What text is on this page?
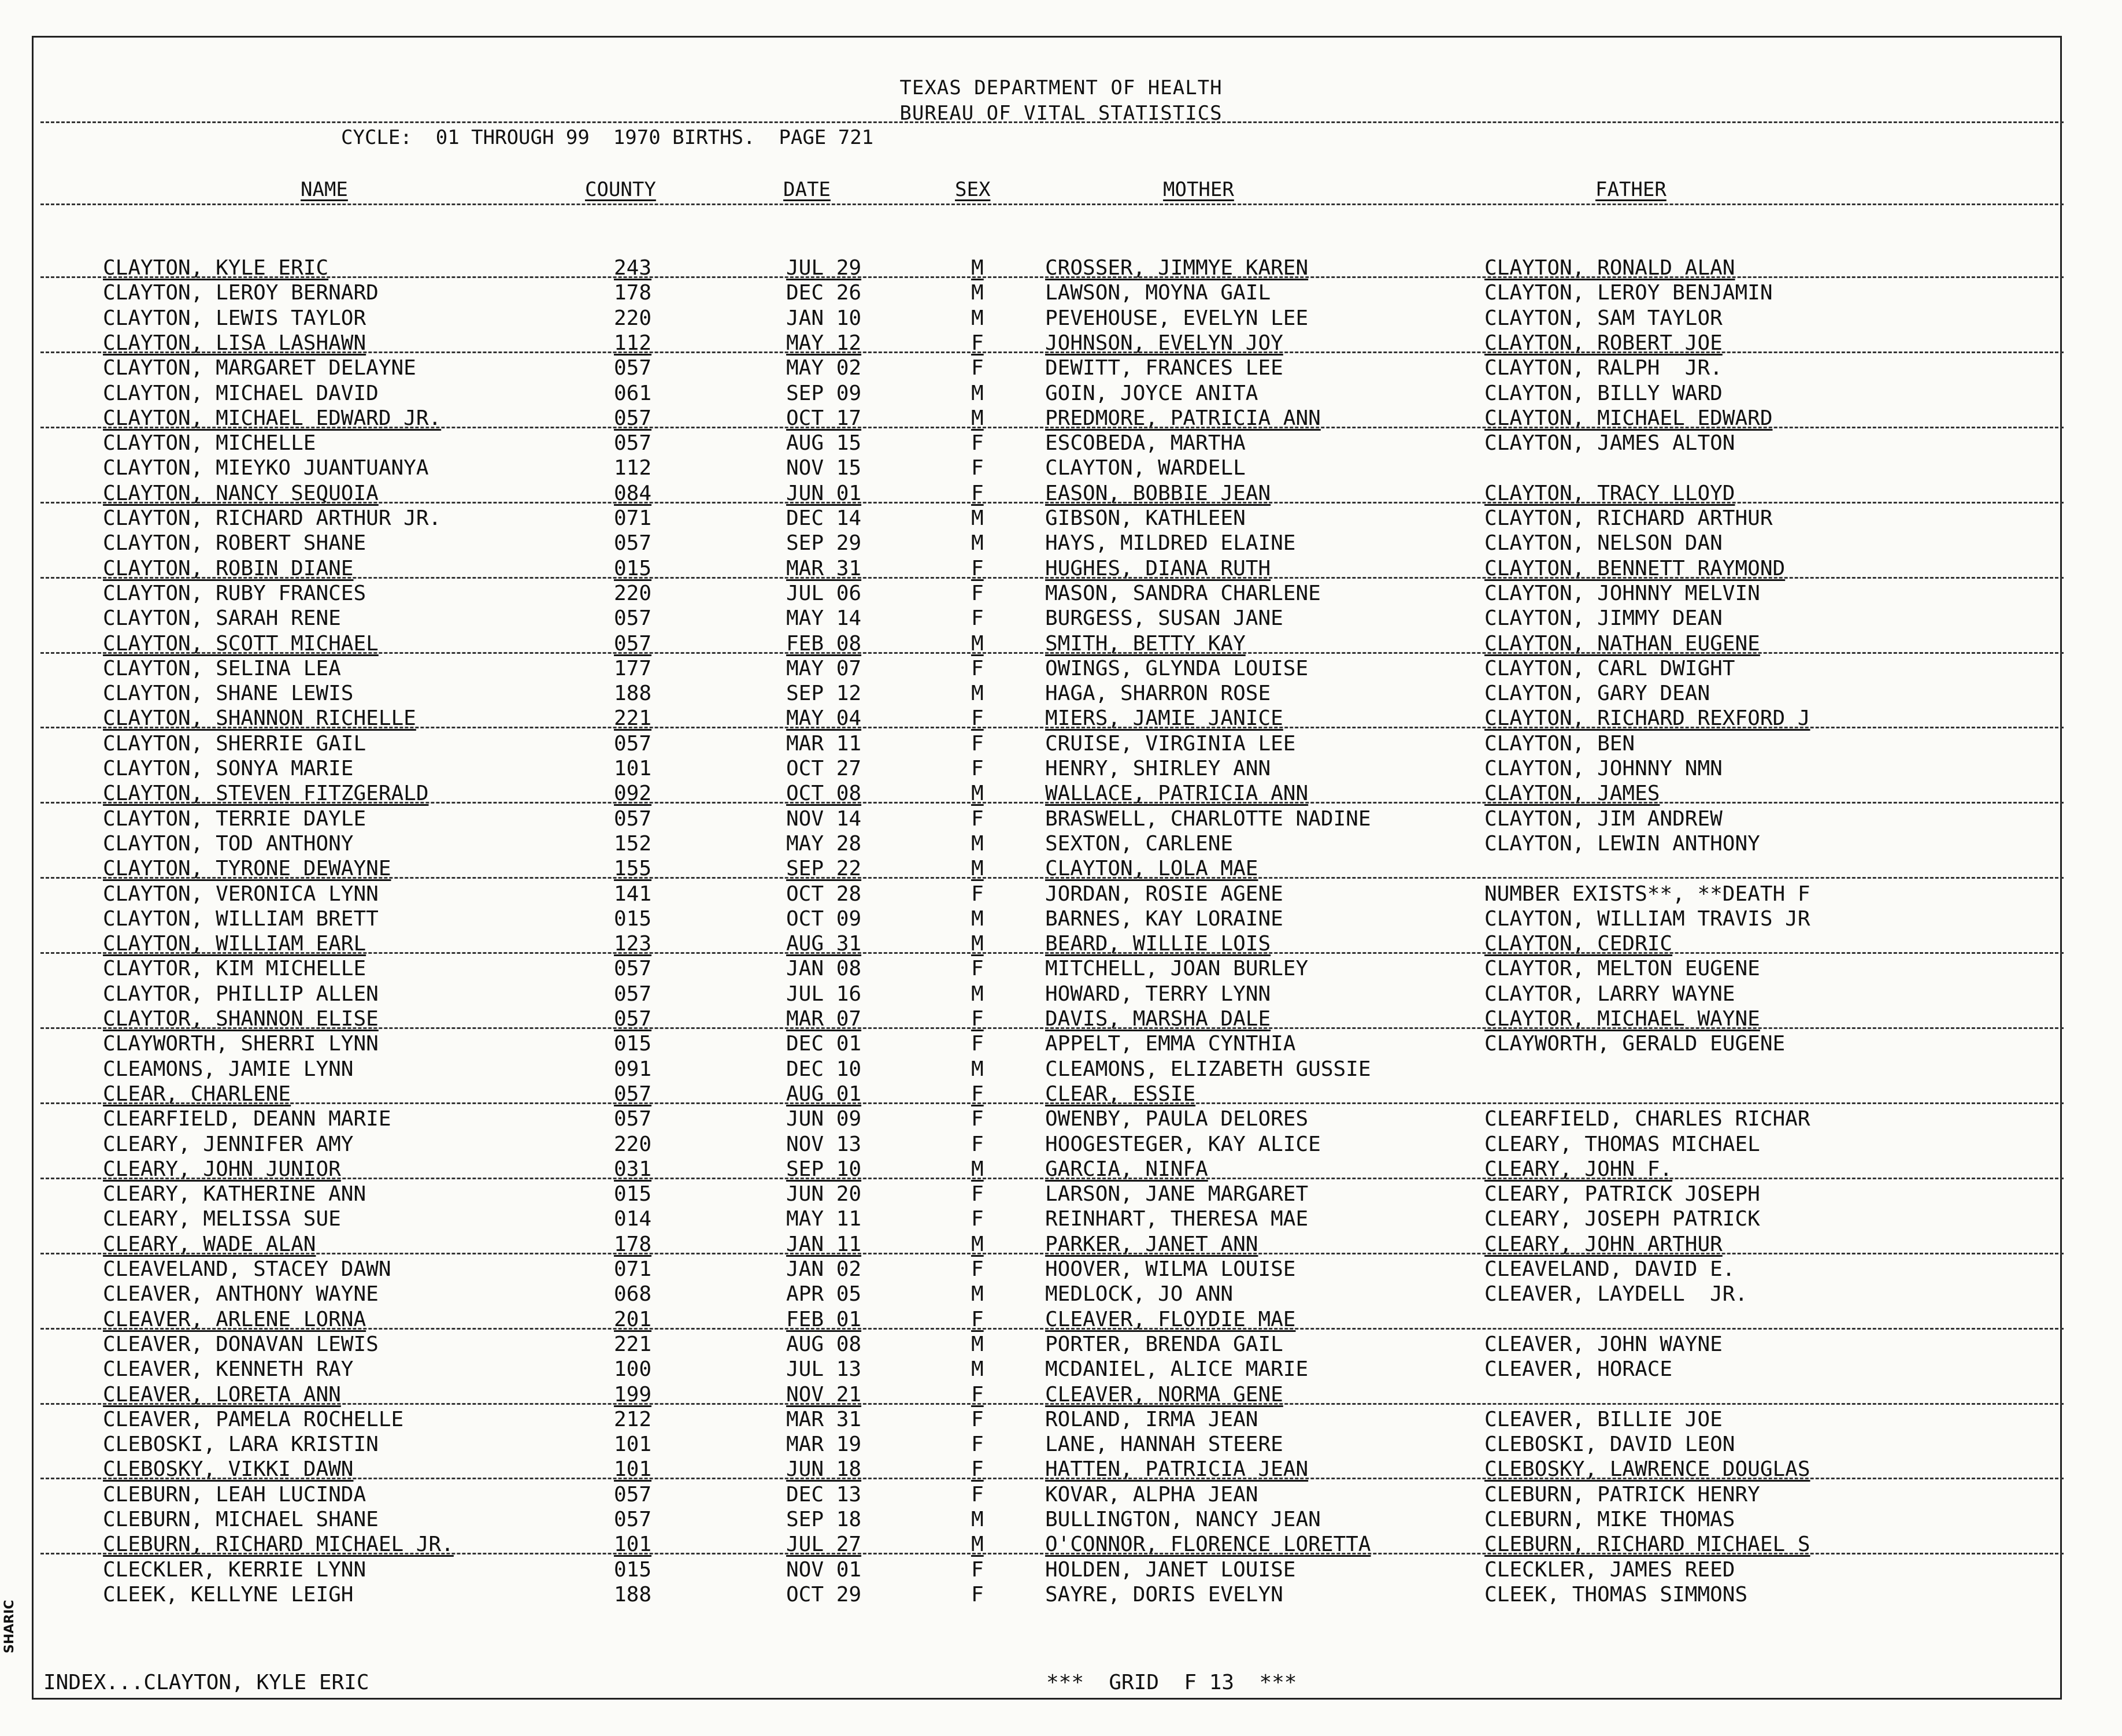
TEXAS DEPARTMENT OF HEALTH
BUREAU OF VITAL STATISTICS
CYCLE:  01 THROUGH 99  1970 BIRTHS.  PAGE 721
NAME	COUNTY	DATE	SEX	MOTHER	FATHER
CLAYTON, KYLE ERIC	243	JUL 29	M	CROSSER, JIMMYE KAREN	CLAYTON, RONALD ALAN
CLAYTON, LEROY BERNARD	178	DEC 26	M	LAWSON, MOYNA GAIL	CLAYTON, LEROY BENJAMIN
CLAYTON, LEWIS TAYLOR	220	JAN 10	M	PEVEHOUSE, EVELYN LEE	CLAYTON, SAM TAYLOR
CLAYTON, LISA LASHAWN	112	MAY 12	F	JOHNSON, EVELYN JOY	CLAYTON, ROBERT JOE
CLAYTON, MARGARET DELAYNE	057	MAY 02	F	DEWITT, FRANCES LEE	CLAYTON, RALPH  JR.
CLAYTON, MICHAEL DAVID	061	SEP 09	M	GOIN, JOYCE ANITA	CLAYTON, BILLY WARD
CLAYTON, MICHAEL EDWARD JR.	057	OCT 17	M	PREDMORE, PATRICIA ANN	CLAYTON, MICHAEL EDWARD
CLAYTON, MICHELLE	057	AUG 15	F	ESCOBEDA, MARTHA	CLAYTON, JAMES ALTON
CLAYTON, MIEYKO JUANTUANYA	112	NOV 15	F	CLAYTON, WARDELL
CLAYTON, NANCY SEQUOIA	084	JUN 01	F	EASON, BOBBIE JEAN	CLAYTON, TRACY LLOYD
CLAYTON, RICHARD ARTHUR JR.	071	DEC 14	M	GIBSON, KATHLEEN	CLAYTON, RICHARD ARTHUR
CLAYTON, ROBERT SHANE	057	SEP 29	M	HAYS, MILDRED ELAINE	CLAYTON, NELSON DAN
CLAYTON, ROBIN DIANE	015	MAR 31	F	HUGHES, DIANA RUTH	CLAYTON, BENNETT RAYMOND
CLAYTON, RUBY FRANCES	220	JUL 06	F	MASON, SANDRA CHARLENE	CLAYTON, JOHNNY MELVIN
CLAYTON, SARAH RENE	057	MAY 14	F	BURGESS, SUSAN JANE	CLAYTON, JIMMY DEAN
CLAYTON, SCOTT MICHAEL	057	FEB 08	M	SMITH, BETTY KAY	CLAYTON, NATHAN EUGENE
CLAYTON, SELINA LEA	177	MAY 07	F	OWINGS, GLYNDA LOUISE	CLAYTON, CARL DWIGHT
CLAYTON, SHANE LEWIS	188	SEP 12	M	HAGA, SHARRON ROSE	CLAYTON, GARY DEAN
CLAYTON, SHANNON RICHELLE	221	MAY 04	F	MIERS, JAMIE JANICE	CLAYTON, RICHARD REXFORD J
CLAYTON, SHERRIE GAIL	057	MAR 11	F	CRUISE, VIRGINIA LEE	CLAYTON, BEN
CLAYTON, SONYA MARIE	101	OCT 27	F	HENRY, SHIRLEY ANN	CLAYTON, JOHNNY NMN
CLAYTON, STEVEN FITZGERALD	092	OCT 08	M	WALLACE, PATRICIA ANN	CLAYTON, JAMES
CLAYTON, TERRIE DAYLE	057	NOV 14	F	BRASWELL, CHARLOTTE NADINE	CLAYTON, JIM ANDREW
CLAYTON, TOD ANTHONY	152	MAY 28	M	SEXTON, CARLENE	CLAYTON, LEWIN ANTHONY
CLAYTON, TYRONE DEWAYNE	155	SEP 22	M	CLAYTON, LOLA MAE
CLAYTON, VERONICA LYNN	141	OCT 28	F	JORDAN, ROSIE AGENE	NUMBER EXISTS**, **DEATH F
CLAYTON, WILLIAM BRETT	015	OCT 09	M	BARNES, KAY LORAINE	CLAYTON, WILLIAM TRAVIS JR
CLAYTON, WILLIAM EARL	123	AUG 31	M	BEARD, WILLIE LOIS	CLAYTON, CEDRIC
CLAYTOR, KIM MICHELLE	057	JAN 08	F	MITCHELL, JOAN BURLEY	CLAYTOR, MELTON EUGENE
CLAYTOR, PHILLIP ALLEN	057	JUL 16	M	HOWARD, TERRY LYNN	CLAYTOR, LARRY WAYNE
CLAYTOR, SHANNON ELISE	057	MAR 07	F	DAVIS, MARSHA DALE	CLAYTOR, MICHAEL WAYNE
CLAYWORTH, SHERRI LYNN	015	DEC 01	F	APPELT, EMMA CYNTHIA	CLAYWORTH, GERALD EUGENE
CLEAMONS, JAMIE LYNN	091	DEC 10	M	CLEAMONS, ELIZABETH GUSSIE
CLEAR, CHARLENE	057	AUG 01	F	CLEAR, ESSIE
CLEARFIELD, DEANN MARIE	057	JUN 09	F	OWENBY, PAULA DELORES	CLEARFIELD, CHARLES RICHAR
CLEARY, JENNIFER AMY	220	NOV 13	F	HOOGESTEGER, KAY ALICE	CLEARY, THOMAS MICHAEL
CLEARY, JOHN JUNIOR	031	SEP 10	M	GARCIA, NINFA	CLEARY, JOHN F.
CLEARY, KATHERINE ANN	015	JUN 20	F	LARSON, JANE MARGARET	CLEARY, PATRICK JOSEPH
CLEARY, MELISSA SUE	014	MAY 11	F	REINHART, THERESA MAE	CLEARY, JOSEPH PATRICK
CLEARY, WADE ALAN	178	JAN 11	M	PARKER, JANET ANN	CLEARY, JOHN ARTHUR
CLEAVELAND, STACEY DAWN	071	JAN 02	F	HOOVER, WILMA LOUISE	CLEAVELAND, DAVID E.
CLEAVER, ANTHONY WAYNE	068	APR 05	M	MEDLOCK, JO ANN	CLEAVER, LAYDELL  JR.
CLEAVER, ARLENE LORNA	201	FEB 01	F	CLEAVER, FLOYDIE MAE
CLEAVER, DONAVAN LEWIS	221	AUG 08	M	PORTER, BRENDA GAIL	CLEAVER, JOHN WAYNE
CLEAVER, KENNETH RAY	100	JUL 13	M	MCDANIEL, ALICE MARIE	CLEAVER, HORACE
CLEAVER, LORETA ANN	199	NOV 21	F	CLEAVER, NORMA GENE
CLEAVER, PAMELA ROCHELLE	212	MAR 31	F	ROLAND, IRMA JEAN	CLEAVER, BILLIE JOE
CLEBOSKI, LARA KRISTIN	101	MAR 19	F	LANE, HANNAH STEERE	CLEBOSKI, DAVID LEON
CLEBOSKY, VIKKI DAWN	101	JUN 18	F	HATTEN, PATRICIA JEAN	CLEBOSKY, LAWRENCE DOUGLAS
CLEBURN, LEAH LUCINDA	057	DEC 13	F	KOVAR, ALPHA JEAN	CLEBURN, PATRICK HENRY
CLEBURN, MICHAEL SHANE	057	SEP 18	M	BULLINGTON, NANCY JEAN	CLEBURN, MIKE THOMAS
CLEBURN, RICHARD MICHAEL JR.	101	JUL 27	M	O'CONNOR, FLORENCE LORETTA	CLEBURN, RICHARD MICHAEL S
CLECKLER, KERRIE LYNN	015	NOV 01	F	HOLDEN, JANET LOUISE	CLECKLER, JAMES REED
CLEEK, KELLYNE LEIGH	188	OCT 29	F	SAYRE, DORIS EVELYN	CLEEK, THOMAS SIMMONS
INDEX...CLAYTON, KYLE ERIC	***  GRID  F 13  ***
SHARIC
